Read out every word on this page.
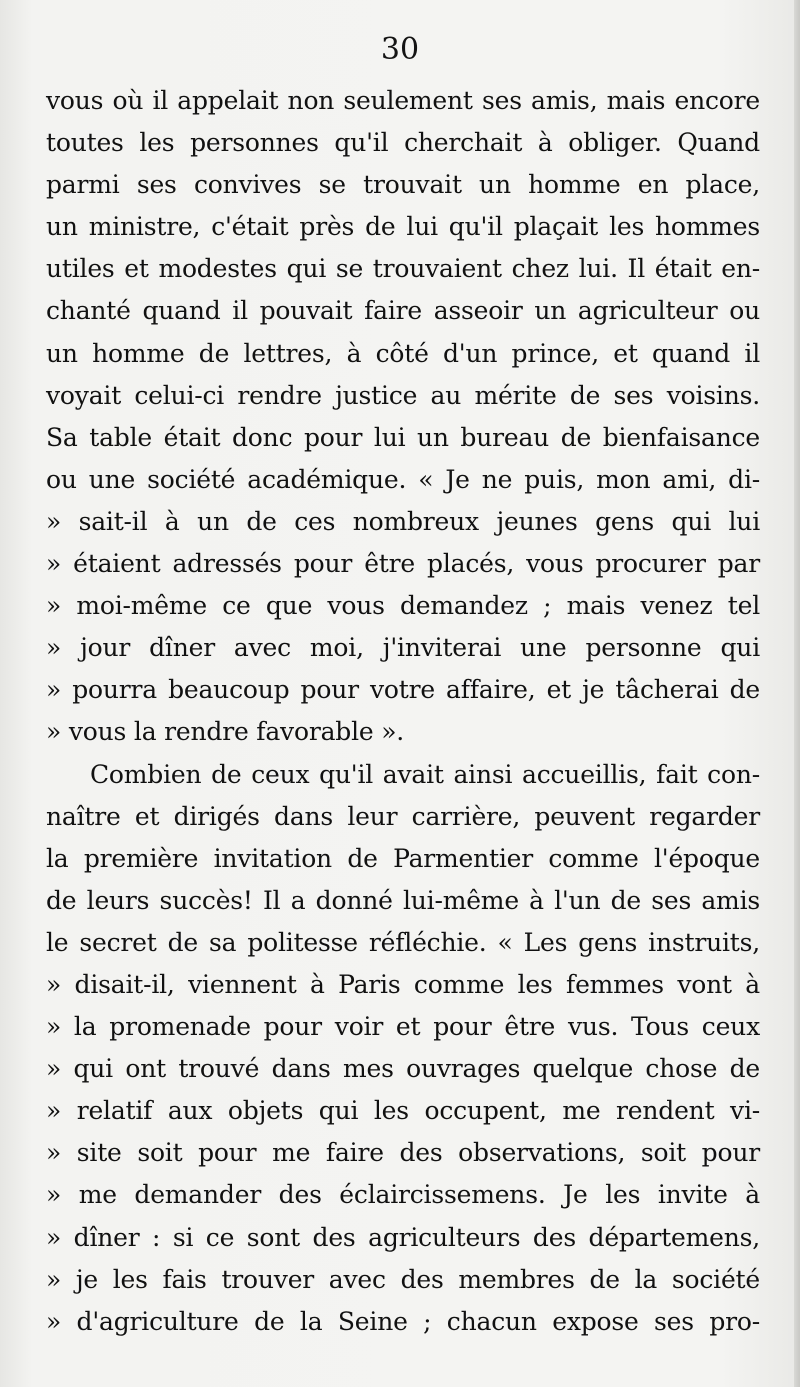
30

vous où il appelait non seulement ses amis, mais encore
toutes les personnes qu'il cherchait à obliger. Quand
parmi ses convives se trouvait un homme en place,
un ministre, c'était près de lui qu'il plaçait les hommes
utiles et modestes qui se trouvaient chez lui. Il était en-
chanté quand il pouvait faire asseoir un agriculteur ou
un homme de lettres, à côté d'un prince, et quand il
voyait celui-ci rendre justice au mérite de ses voisins.
Sa table était donc pour lui un bureau de bienfaisance
ou une société académique. « Je ne puis, mon ami, di-
» sait-il à un de ces nombreux jeunes gens qui lui
» étaient adressés pour être placés, vous procurer par
» moi-même ce que vous demandez ; mais venez tel
» jour dîner avec moi, j'inviterai une personne qui
» pourra beaucoup pour votre affaire, et je tâcherai de
» vous la rendre favorable ».
Combien de ceux qu'il avait ainsi accueillis, fait con-
naître et dirigés dans leur carrière, peuvent regarder
la première invitation de Parmentier comme l'époque
de leurs succès! Il a donné lui-même à l'un de ses amis
le secret de sa politesse réfléchie. « Les gens instruits,
» disait-il, viennent à Paris comme les femmes vont à
» la promenade pour voir et pour être vus. Tous ceux
» qui ont trouvé dans mes ouvrages quelque chose de
» relatif aux objets qui les occupent, me rendent vi-
» site soit pour me faire des observations, soit pour
» me demander des éclaircissemens. Je les invite à
» dîner : si ce sont des agriculteurs des départemens,
» je les fais trouver avec des membres de la société
» d'agriculture de la Seine ; chacun expose ses pro-
